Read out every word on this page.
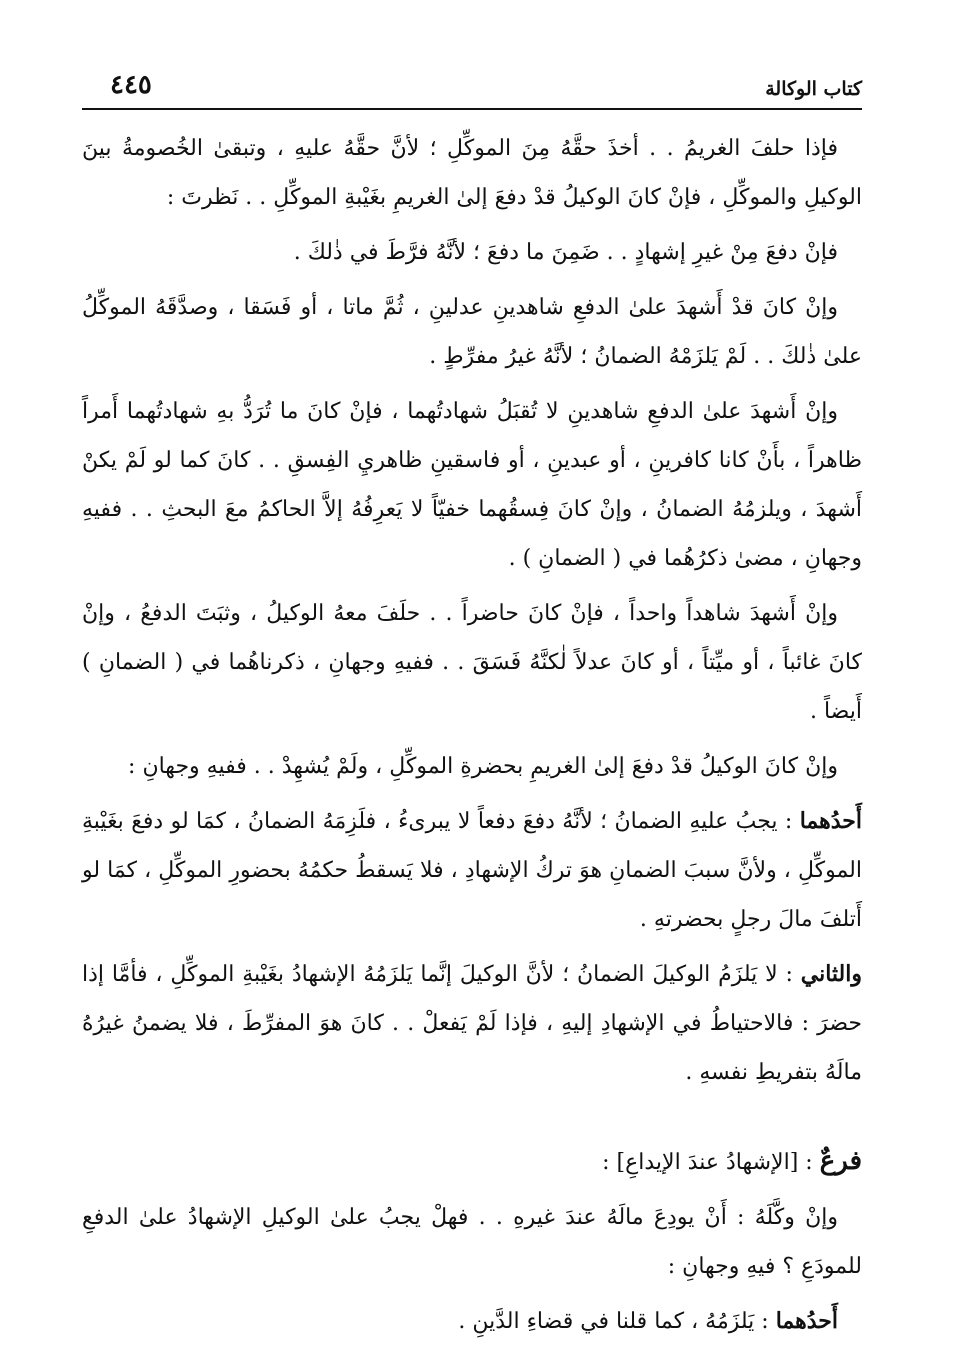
كتاب الوكالة
٤٤٥

فإذا حلفَ الغريمُ . . أخذَ حقَّهُ مِنَ الموكِّلِ ؛ لأنَّ حقَّهُ عليهِ ، وتبقىٰ الخُصومةُ بينَ الوكيلِ والموكِّلِ ، فإنْ كانَ الوكيلُ قدْ دفعَ إلىٰ الغريمِ بغَيْبةِ الموكِّلِ . . نَظرتَ :

فإنْ دفعَ مِنْ غيرِ إشهادٍ . . ضَمِنَ ما دفعَ ؛ لأنَّهُ فرَّطَ في ذٰلكَ .

وإنْ كانَ قدْ أَشهدَ علىٰ الدفعِ شاهدينِ عدلينِ ، ثُمَّ ماتا ، أو فَسَقا ، وصدَّقَهُ الموكِّلُ علىٰ ذٰلكَ . . لَمْ يَلزَمْهُ الضمانُ ؛ لأنَّهُ غيرُ مفرِّطٍ .

وإنْ أَشهدَ علىٰ الدفعِ شاهدينِ لا تُقبَلُ شهادتُهما ، فإنْ كانَ ما تُرَدُّ بهِ شهادتُهما أَمراً ظاهراً ، بأَنْ كانا كافرينِ ، أو عبدينِ ، أو فاسقينِ ظاهريِ الفِسقِ . . كانَ كما لو لَمْ يكنْ أَشهدَ ، ويلزمُهُ الضمانُ ، وإنْ كانَ فِسقُهما خفيّاً لا يَعرِفُهُ إلاَّ الحاكمُ معَ البحثِ . . ففيهِ وجهانِ ، مضىٰ ذكرُهُما في ( الضمانِ ) .

وإنْ أَشهدَ شاهداً واحداً ، فإنْ كانَ حاضراً . . حلَفَ معهُ الوكيلُ ، وثبَتَ الدفعُ ، وإنْ كانَ غائباً ، أو ميِّتاً ، أو كانَ عدلاً لٰكنَّهُ فَسَقَ . . ففيهِ وجهانِ ، ذكرناهُما في ( الضمانِ ) أَيضاً .

وإنْ كانَ الوكيلُ قدْ دفعَ إلىٰ الغريمِ بحضرةِ الموكِّلِ ، ولَمْ يُشهِدْ . . ففيهِ وجهانِ :

أَحدُهما : يجبُ عليهِ الضمانُ ؛ لأنَّهُ دفعَ دفعاً لا يبرىءُ ، فلَزِمَهُ الضمانُ ، كمَا لو دفعَ بغَيْبةِ الموكِّلِ ، ولأنَّ سببَ الضمانِ هوَ تركُ الإشهادِ ، فلا يَسقطُ حكمُهُ بحضورِ الموكِّلِ ، كمَا لو أَتلفَ مالَ رجلٍ بحضرتهِ .

والثاني : لا يَلزَمُ الوكيلَ الضمانُ ؛ لأنَّ الوكيلَ إنَّما يَلزَمُهُ الإشهادُ بغَيْبةِ الموكِّلِ ، فأمَّا إذا حضرَ : فالاحتياطُ في الإشهادِ إليهِ ، فإذا لَمْ يَفعلْ . . كانَ هوَ المفرِّطَ ، فلا يضمنُ غيرُهُ مالَهُ بتفريطِ نفسهِ .

فرعٌ : [الإشهادُ عندَ الإيداعِ] :

وإنْ وكَّلَهُ : أَنْ يودِعَ مالَهُ عندَ غيرهِ . . فهلْ يجبُ علىٰ الوكيلِ الإشهادُ علىٰ الدفعِ للمودَعِ ؟ فيهِ وجهانِ :

أَحدُهما : يَلزَمُهُ ، كما قلنا في قضاءِ الدَّينِ .
